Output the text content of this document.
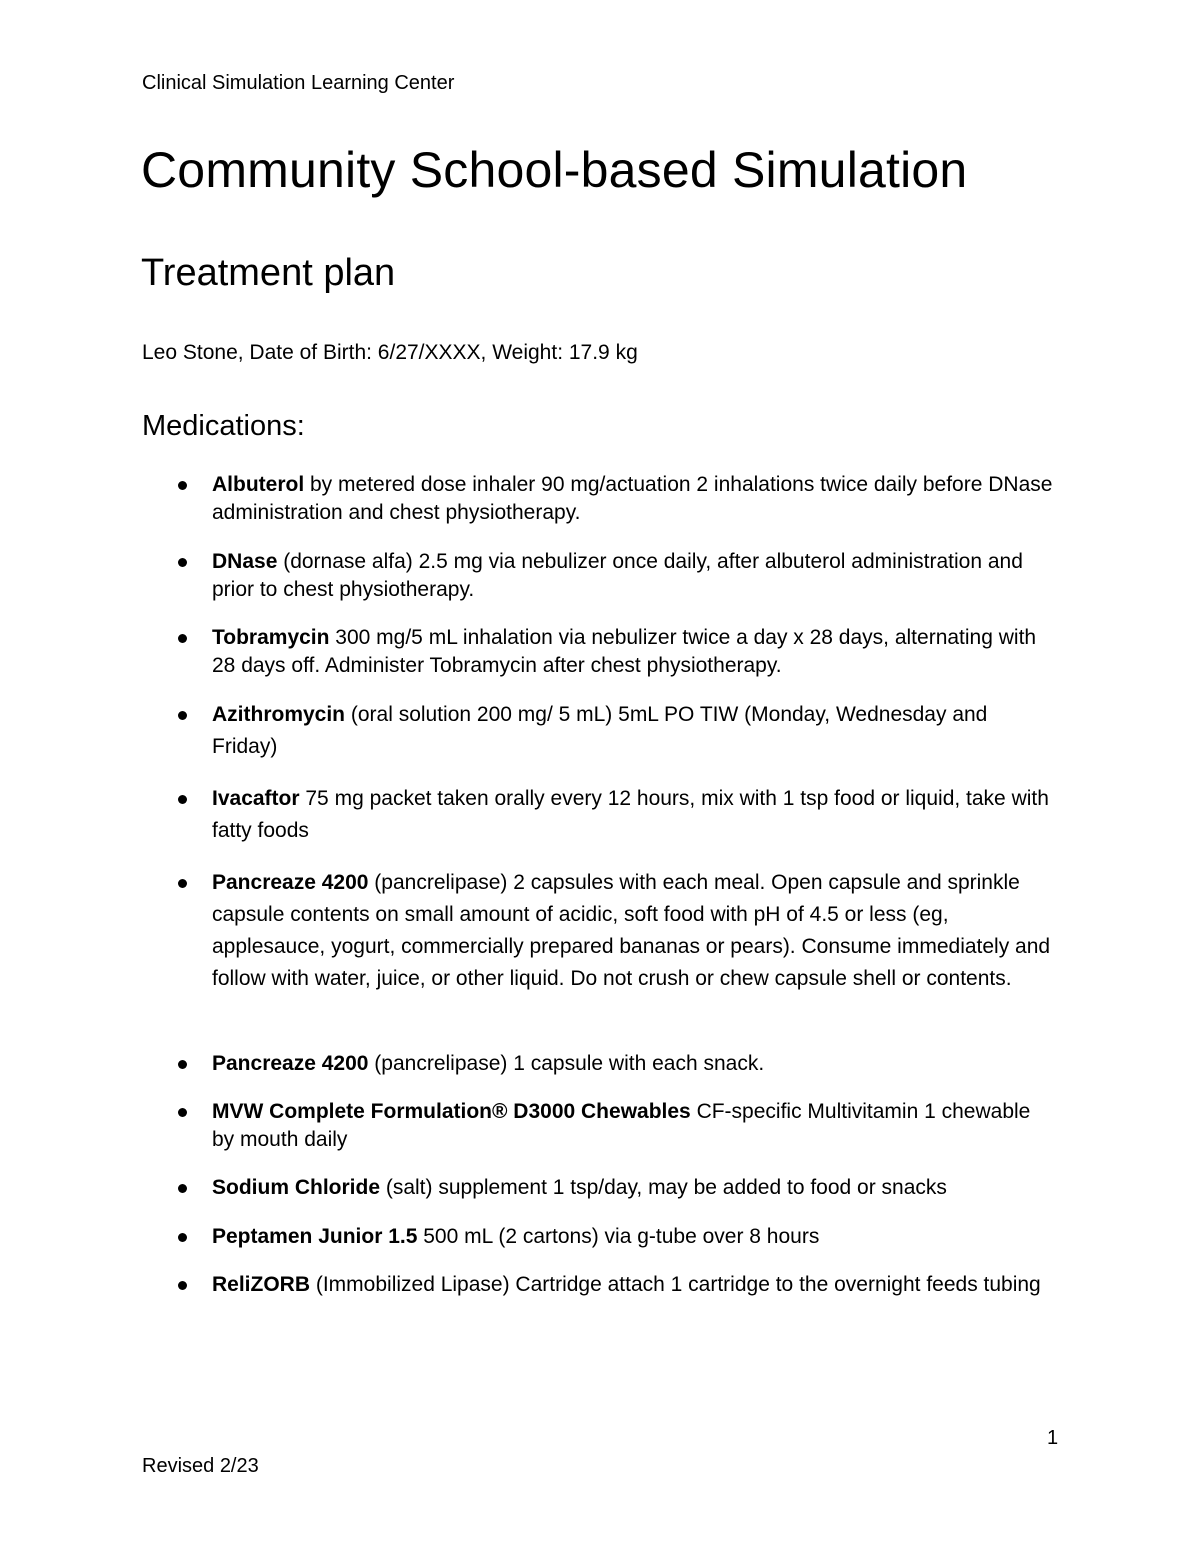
Clinical Simulation Learning Center
Community School-based Simulation
Treatment plan

Leo Stone, Date of Birth: 6/27/XXXX, Weight: 17.9 kg

Medications:
Albuterol by metered dose inhaler 90 mg/actuation 2 inhalations twice daily before DNase administration and chest physiotherapy.
DNase (dornase alfa) 2.5 mg via nebulizer once daily, after albuterol administration and prior to chest physiotherapy.
Tobramycin 300 mg/5 mL inhalation via nebulizer twice a day x 28 days, alternating with 28 days off. Administer Tobramycin after chest physiotherapy.
Azithromycin (oral solution 200 mg/ 5 mL) 5mL PO TIW (Monday, Wednesday and Friday)
Ivacaftor 75 mg packet taken orally every 12 hours, mix with 1 tsp food or liquid, take with fatty foods
Pancreaze 4200 (pancrelipase) 2 capsules with each meal. Open capsule and sprinkle capsule contents on small amount of acidic, soft food with pH of 4.5 or less (eg, applesauce, yogurt, commercially prepared bananas or pears). Consume immediately and follow with water, juice, or other liquid. Do not crush or chew capsule shell or contents.
Pancreaze 4200 (pancrelipase) 1 capsule with each snack.
MVW Complete Formulation® D3000 Chewables CF-specific Multivitamin 1 chewable by mouth daily
Sodium Chloride (salt) supplement 1 tsp/day, may be added to food or snacks
Peptamen Junior 1.5 500 mL (2 cartons) via g-tube over 8 hours
ReliZORB (Immobilized Lipase) Cartridge attach 1 cartridge to the overnight feeds tubing
1
Revised 2/23
